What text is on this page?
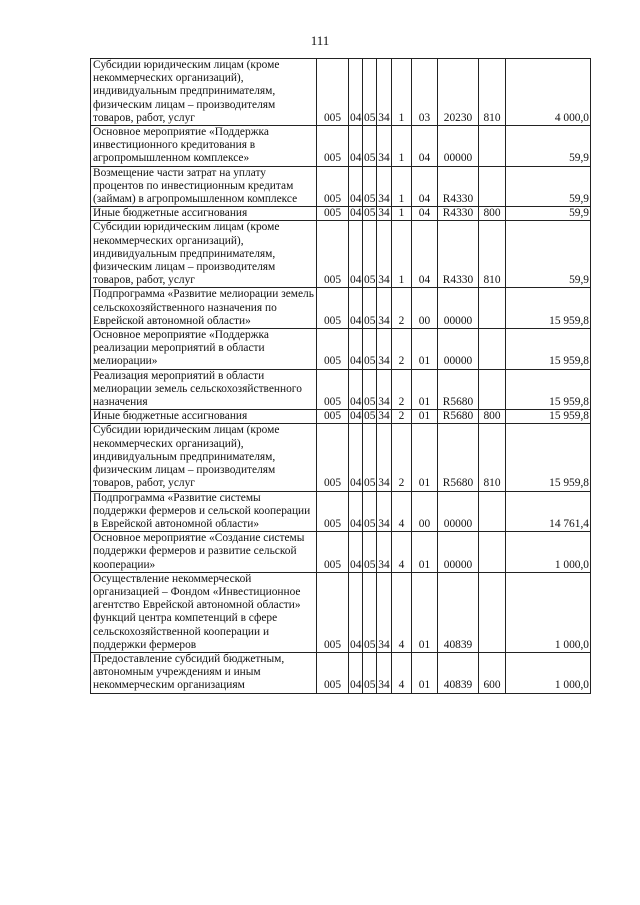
111
Субсидии юридическим лицам (кроме некоммерческих организаций), индивидуальным предпринимателям, физическим лицам – производителям товаров, работ, услуг	005	04	05	34	1	03	20230	810	4 000,0
Основное мероприятие «Поддержка инвестиционного кредитования в агропромышленном комплексе»	005	04	05	34	1	04	00000		59,9
Возмещение части затрат на уплату процентов по инвестиционным кредитам (займам) в агропромышленном комплексе	005	04	05	34	1	04	R4330		59,9
Иные бюджетные ассигнования	005	04	05	34	1	04	R4330	800	59,9
Субсидии юридическим лицам (кроме некоммерческих организаций), индивидуальным предпринимателям, физическим лицам – производителям товаров, работ, услуг	005	04	05	34	1	04	R4330	810	59,9
Подпрограмма «Развитие мелиорации земель сельскохозяйственного назначения по Еврейской автономной области»	005	04	05	34	2	00	00000		15 959,8
Основное мероприятие «Поддержка реализации мероприятий в области мелиорации»	005	04	05	34	2	01	00000		15 959,8
Реализация мероприятий в области мелиорации земель сельскохозяйственного назначения	005	04	05	34	2	01	R5680		15 959,8
Иные бюджетные ассигнования	005	04	05	34	2	01	R5680	800	15 959,8
Субсидии юридическим лицам (кроме некоммерческих организаций), индивидуальным предпринимателям, физическим лицам – производителям товаров, работ, услуг	005	04	05	34	2	01	R5680	810	15 959,8
Подпрограмма «Развитие системы поддержки фермеров и сельской кооперации в Еврейской автономной области»	005	04	05	34	4	00	00000		14 761,4
Основное мероприятие «Создание системы поддержки фермеров и развитие сельской кооперации»	005	04	05	34	4	01	00000		1 000,0
Осуществление некоммерческой организацией – Фондом «Инвестиционное агентство Еврейской автономной области» функций центра компетенций в сфере сельскохозяйственной кооперации и поддержки фермеров	005	04	05	34	4	01	40839		1 000,0
Предоставление субсидий бюджетным, автономным учреждениям и иным некоммерческим организациям	005	04	05	34	4	01	40839	600	1 000,0
